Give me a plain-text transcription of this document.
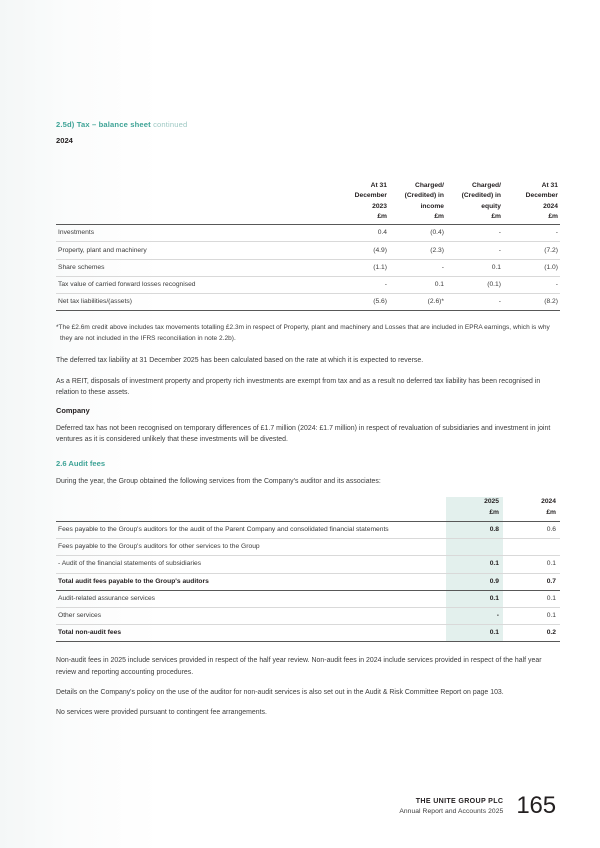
2.5d) Tax – balance sheet continued
2024
	At 31	Charged/	Charged/	At 31
	December	(Credited) in	(Credited) in	December
	2023	income	equity	2024
	£m	£m	£m	£m
Investments	0.4	(0.4)	-	-
Property, plant and machinery	(4.9)	(2.3)	-	(7.2)
Share schemes	(1.1)	-	0.1	(1.0)
Tax value of carried forward losses recognised	-	0.1	(0.1)	-
Net tax liabilities/(assets)	(5.6)	(2.6)*	-	(8.2)

*The £2.6m credit above includes tax movements totalling £2.3m in respect of Property, plant and machinery and Losses that are included in EPRA earnings, which is why they are not included in the IFRS reconciliation in note 2.2b).

The deferred tax liability at 31 December 2025 has been calculated based on the rate at which it is expected to reverse.

As a REIT, disposals of investment property and property rich investments are exempt from tax and as a result no deferred tax liability has been recognised in relation to these assets.

Company

Deferred tax has not been recognised on temporary differences of £1.7 million (2024: £1.7 million) in respect of revaluation of subsidiaries and investment in joint ventures as it is considered unlikely that these investments will be divested.

2.6 Audit fees

During the year, the Group obtained the following services from the Company's auditor and its associates:

	2025	2024
	£m	£m
Fees payable to the Group's auditors for the audit of the Parent Company and consolidated financial statements	0.8	0.6
Fees payable to the Group's auditors for other services to the Group		
- Audit of the financial statements of subsidiaries	0.1	0.1
Total audit fees payable to the Group's auditors	0.9	0.7
Audit-related assurance services	0.1	0.1
Other services	-	0.1
Total non-audit fees	0.1	0.2

Non-audit fees in 2025 include services provided in respect of the half year review. Non-audit fees in 2024 include services provided in respect of the half year review and reporting accounting procedures.

Details on the Company's policy on the use of the auditor for non-audit services is also set out in the Audit & Risk Committee Report on page 103.

No services were provided pursuant to contingent fee arrangements.

THE UNITE GROUP PLC
Annual Report and Accounts 2025 165
